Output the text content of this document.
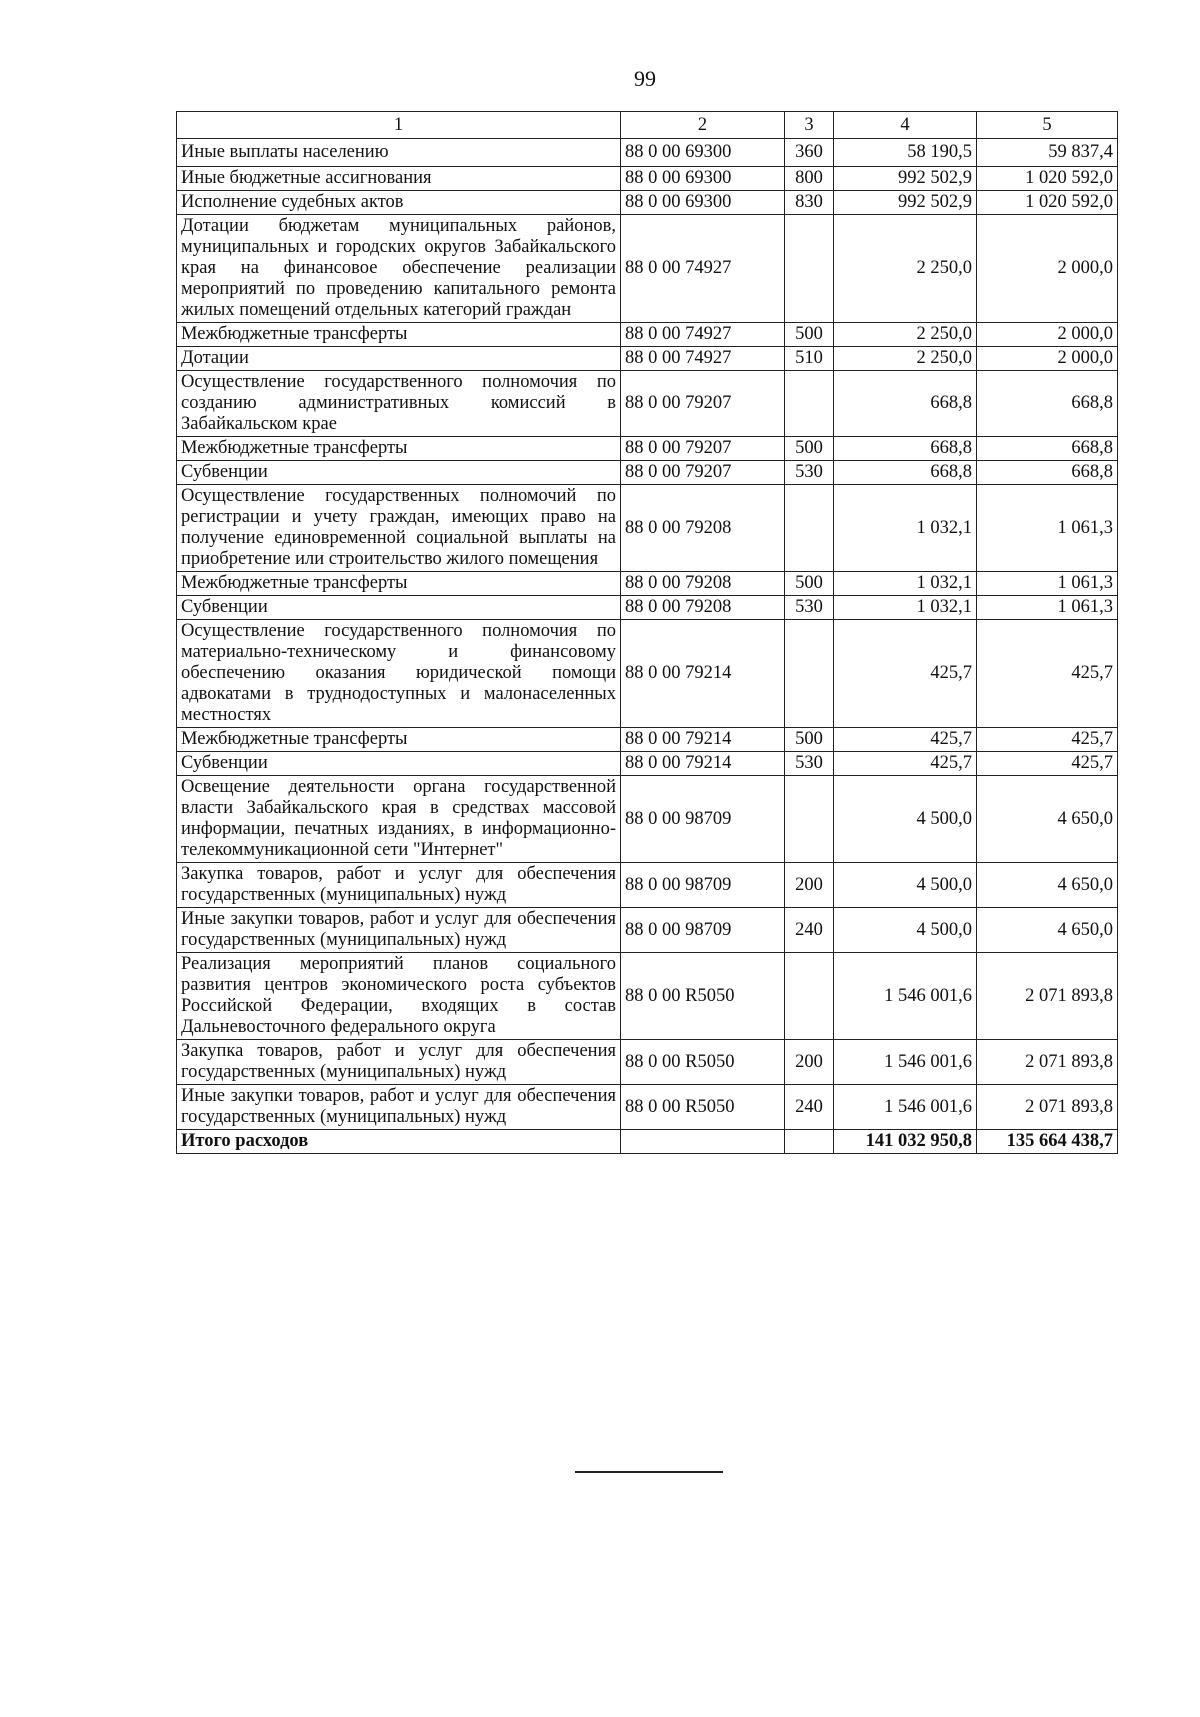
99
1	2	3	4	5
Иные выплаты населению	88 0 00 69300	360	58 190,5	59 837,4
Иные бюджетные ассигнования	88 0 00 69300	800	992 502,9	1 020 592,0
Исполнение судебных актов	88 0 00 69300	830	992 502,9	1 020 592,0
Дотации бюджетам муниципальных районов, муниципальных и городских округов Забайкальского края на финансовое обеспечение реализации мероприятий по проведению капитального ремонта жилых помещений отдельных категорий граждан	88 0 00 74927		2 250,0	2 000,0
Межбюджетные трансферты	88 0 00 74927	500	2 250,0	2 000,0
Дотации	88 0 00 74927	510	2 250,0	2 000,0
Осуществление государственного полномочия по созданию административных комиссий в Забайкальском крае	88 0 00 79207		668,8	668,8
Межбюджетные трансферты	88 0 00 79207	500	668,8	668,8
Субвенции	88 0 00 79207	530	668,8	668,8
Осуществление государственных полномочий по регистрации и учету граждан, имеющих право на получение единовременной социальной выплаты на приобретение или строительство жилого помещения	88 0 00 79208		1 032,1	1 061,3
Межбюджетные трансферты	88 0 00 79208	500	1 032,1	1 061,3
Субвенции	88 0 00 79208	530	1 032,1	1 061,3
Осуществление государственного полномочия по материально-техническому и финансовому обеспечению оказания юридической помощи адвокатами в труднодоступных и малонаселенных местностях	88 0 00 79214		425,7	425,7
Межбюджетные трансферты	88 0 00 79214	500	425,7	425,7
Субвенции	88 0 00 79214	530	425,7	425,7
Освещение деятельности органа государственной власти Забайкальского края в средствах массовой информации, печатных изданиях, в информационно-телекоммуникационной сети "Интернет"	88 0 00 98709		4 500,0	4 650,0
Закупка товаров, работ и услуг для обеспечения государственных (муниципальных) нужд	88 0 00 98709	200	4 500,0	4 650,0
Иные закупки товаров, работ и услуг для обеспечения государственных (муниципальных) нужд	88 0 00 98709	240	4 500,0	4 650,0
Реализация мероприятий планов социального развития центров экономического роста субъектов Российской Федерации, входящих в состав Дальневосточного федерального округа	88 0 00 R5050		1 546 001,6	2 071 893,8
Закупка товаров, работ и услуг для обеспечения государственных (муниципальных) нужд	88 0 00 R5050	200	1 546 001,6	2 071 893,8
Иные закупки товаров, работ и услуг для обеспечения государственных (муниципальных) нужд	88 0 00 R5050	240	1 546 001,6	2 071 893,8
Итого расходов			141 032 950,8	135 664 438,7
